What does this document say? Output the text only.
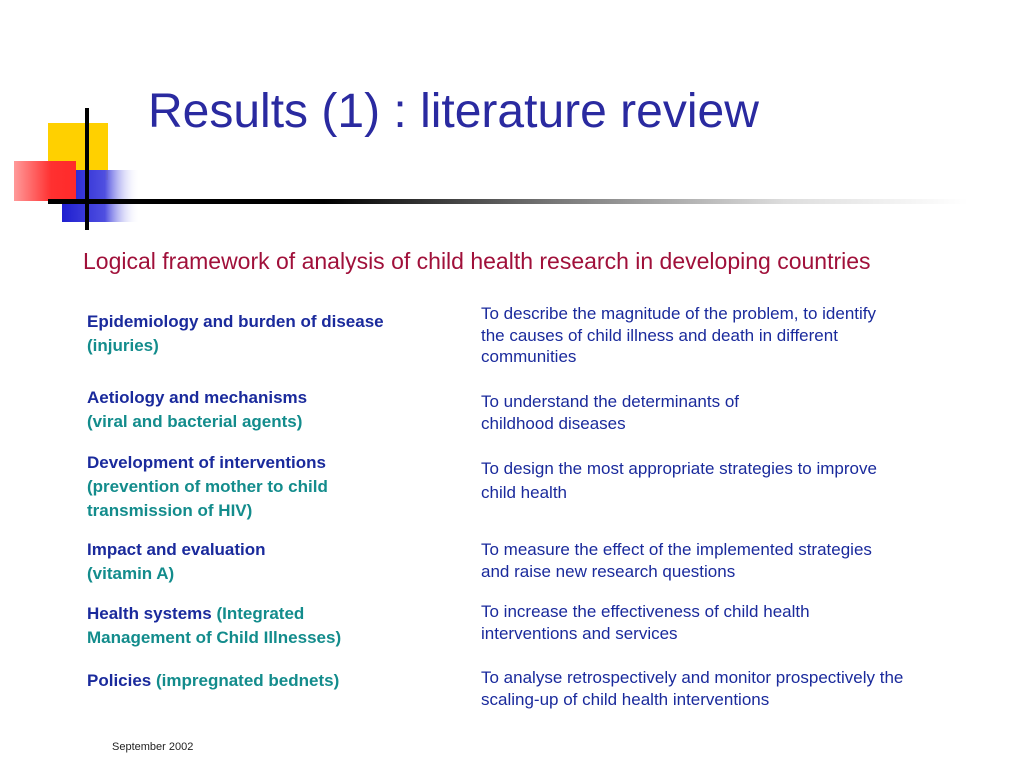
Results (1) : literature review
Logical framework of analysis of child health research in developing countries
Epidemiology and burden of disease
(injuries)
To describe the magnitude of the problem, to identify the causes of child illness and death in different communities
Aetiology and mechanisms
(viral and bacterial agents)
To understand the determinants of childhood diseases
Development of interventions
(prevention of mother to child transmission of HIV)
To design the most appropriate strategies to improve child health
Impact and evaluation
(vitamin A)
To measure the effect of the implemented strategies and raise new research questions
Health systems (Integrated Management of Child Illnesses)
To increase the effectiveness of child health interventions and services
Policies (impregnated bednets)	To analyse retrospectively and monitor prospectively the scaling-up of child health interventions
September 2002
